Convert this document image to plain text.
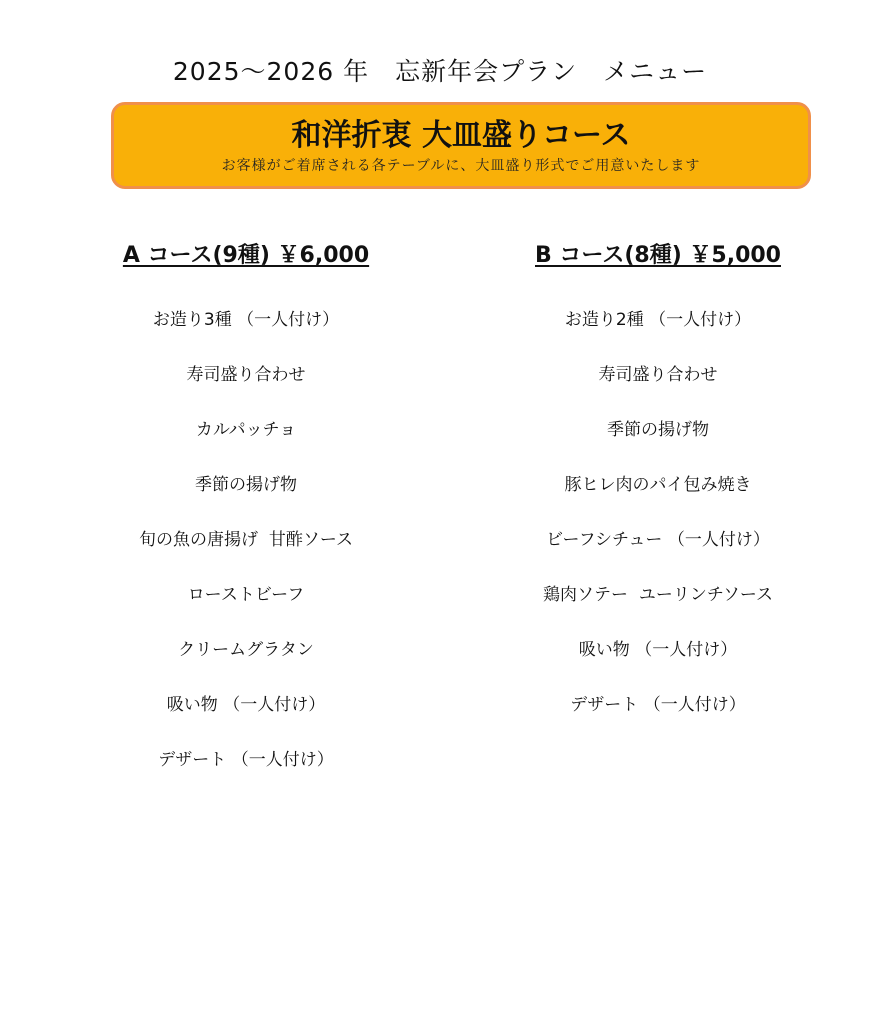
2025～2026 年　忘新年会プラン　メニュー
和洋折衷 大皿盛りコース
お客様がご着席される各テーブルに、大皿盛り形式でご用意いたします
A コース(9種) ￥6,000
お造り3種 （一人付け）
寿司盛り合わせ
カルパッチョ
季節の揚げ物
旬の魚の唐揚げ  甘酢ソース
ローストビーフ
クリームグラタン
吸い物 （一人付け）
デザート （一人付け）
B コース(8種) ￥5,000
お造り2種 （一人付け）
寿司盛り合わせ
季節の揚げ物
豚ヒレ肉のパイ包み焼き
ビーフシチュー （一人付け）
鶏肉ソテー  ユーリンチソース
吸い物 （一人付け）
デザート （一人付け）
